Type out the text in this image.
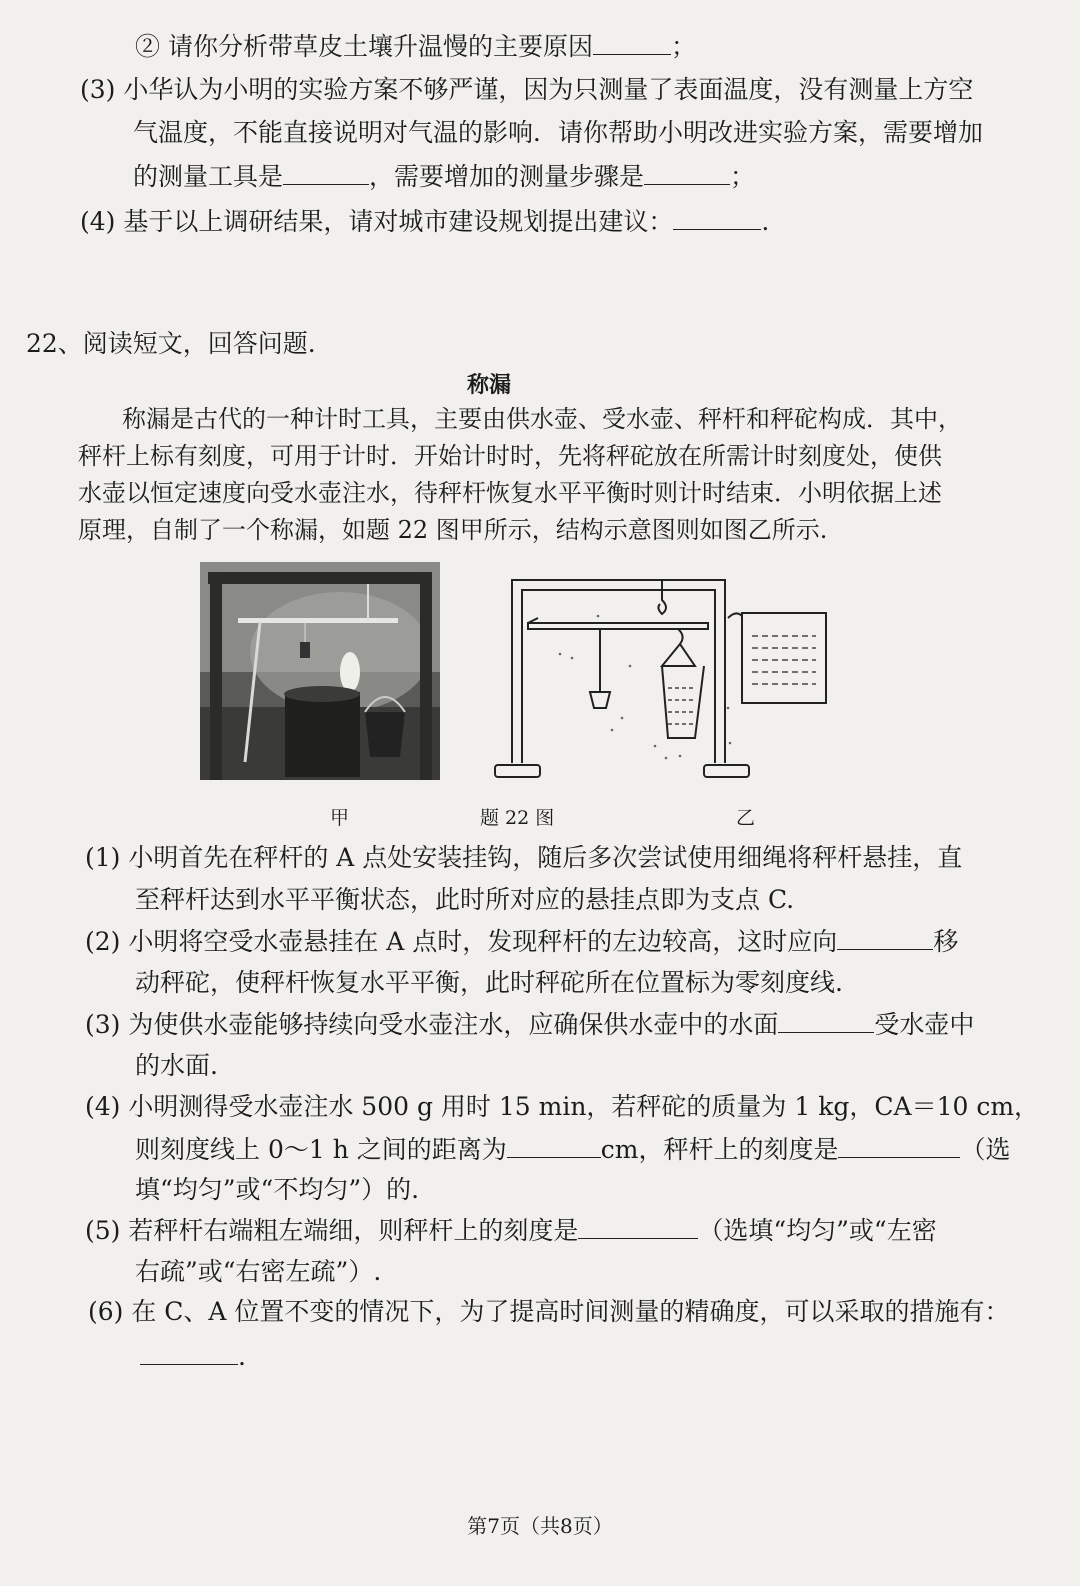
② 请你分析带草皮土壤升温慢的主要原因	；
(3) 小华认为小明的实验方案不够严谨，因为只测量了表面温度，没有测量上方空
气温度，不能直接说明对气温的影响．请你帮助小明改进实验方案，需要增加
的测量工具是	，需要增加的测量步骤是	；
(4) 基于以上调研结果，请对城市建设规划提出建议：	.
22、阅读短文，回答问题.
称漏
称漏是古代的一种计时工具，主要由供水壶、受水壶、秤杆和秤砣构成．其中，
秤杆上标有刻度，可用于计时．开始计时时，先将秤砣放在所需计时刻度处，使供
水壶以恒定速度向受水壶注水，待秤杆恢复水平平衡时则计时结束．小明依据上述
原理，自制了一个称漏，如题 22 图甲所示，结构示意图则如图乙所示.
甲	题 22 图	乙
(1) 小明首先在秤杆的 A 点处安装挂钩，随后多次尝试使用细绳将秤杆悬挂，直
至秤杆达到水平平衡状态，此时所对应的悬挂点即为支点 C.
(2) 小明将空受水壶悬挂在 A 点时，发现秤杆的左边较高，这时应向	移
动秤砣，使秤杆恢复水平平衡，此时秤砣所在位置标为零刻度线.
(3) 为使供水壶能够持续向受水壶注水，应确保供水壶中的水面	受水壶中
的水面.
(4) 小明测得受水壶注水 500 g 用时 15 min，若秤砣的质量为 1 kg，CA＝10 cm，
则刻度线上 0～1 h 之间的距离为	cm，秤杆上的刻度是	（选
填“均匀”或“不均匀”）的.
(5) 若秤杆右端粗左端细，则秤杆上的刻度是	（选填“均匀”或“左密
右疏”或“右密左疏”）.
(6) 在 C、A 位置不变的情况下，为了提高时间测量的精确度，可以采取的措施有：
.
第7页（共8页）
